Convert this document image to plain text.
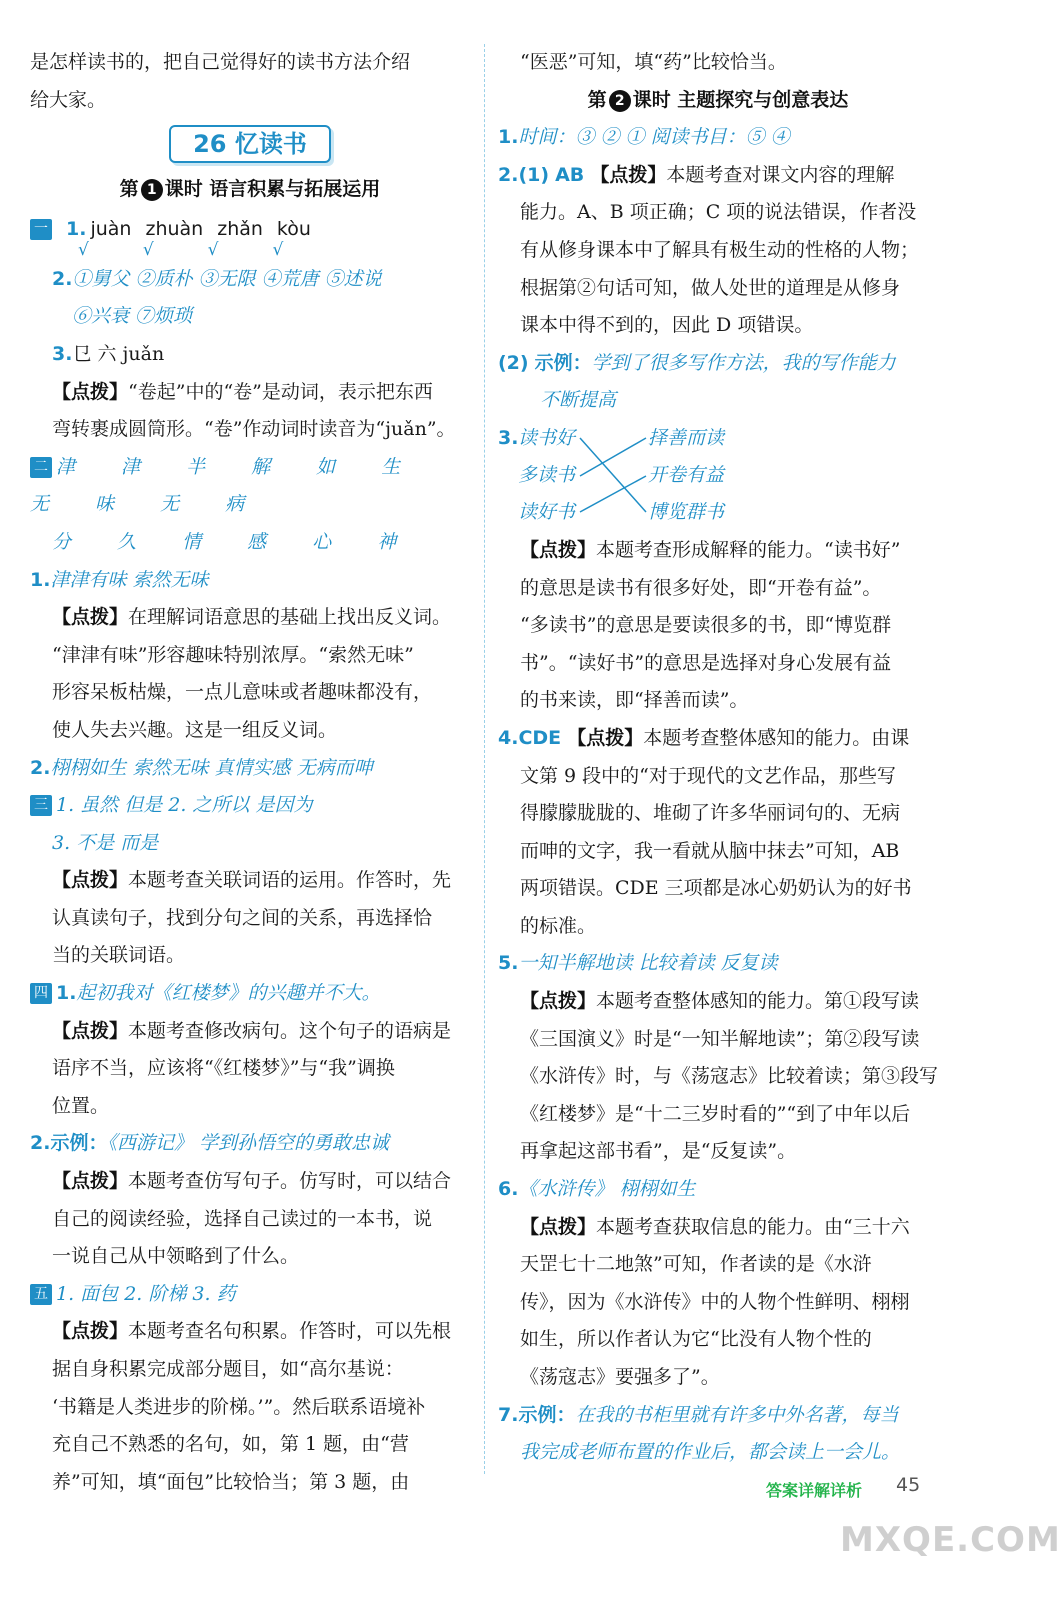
是怎样读书的，把自己觉得好的读书方法介绍
给大家。
26 忆读书
第 1 课时 语言积累与拓展运用
一 1. juàn zhuàn zhǎn kòu
√√√√
2.①舅父 ②质朴 ③无限 ④荒唐 ⑤述说
⑥兴衰 ⑦烦琐
3.㔾 六 juǎn
【点拨】“卷起”中的“卷”是动词，表示把东西
弯转裹成圆筒形。“卷”作动词时读音为“juǎn”。
二 津 津 半 解 如 生 无 味 无 病
分 久 情 感 心 神
1.津津有味 索然无味
【点拨】在理解词语意思的基础上找出反义词。
“津津有味”形容趣味特别浓厚。“索然无味”
形容呆板枯燥，一点儿意味或者趣味都没有，
使人失去兴趣。这是一组反义词。
2.栩栩如生 索然无味 真情实感 无病而呻
三 1. 虽然 但是 2. 之所以 是因为
3. 不是 而是
【点拨】本题考查关联词语的运用。作答时，先
认真读句子，找到分句之间的关系，再选择恰
当的关联词语。
四 1.起初我对《红楼梦》的兴趣并不大。
【点拨】本题考查修改病句。这个句子的语病是
语序不当，应该将“《红楼梦》”与“我”调换
位置。
2.示例：《西游记》 学到孙悟空的勇敢忠诚
【点拨】本题考查仿写句子。仿写时，可以结合
自己的阅读经验，选择自己读过的一本书，说
一说自己从中领略到了什么。
五 1. 面包 2. 阶梯 3. 药
【点拨】本题考查名句积累。作答时，可以先根
据自身积累完成部分题目，如“高尔基说：
‘书籍是人类进步的阶梯。’”。然后联系语境补
充自己不熟悉的名句，如，第 1 题，由“营
养”可知，填“面包”比较恰当；第 3 题，由
“医恶”可知，填“药”比较恰当。
第 2 课时 主题探究与创意表达
1.时间：③ ② ① 阅读书目：⑤ ④
2.(1) AB 【点拨】本题考查对课文内容的理解
能力。A、B 项正确；C 项的说法错误，作者没
有从修身课本中了解具有极生动的性格的人物；
根据第②句话可知，做人处世的道理是从修身
课本中得不到的，因此 D 项错误。
(2) 示例：学到了很多写作方法，我的写作能力
不断提高
3. 读书好
多读书
读好书
择善而读
开卷有益
博览群书
【点拨】本题考查形成解释的能力。“读书好”
的意思是读书有很多好处，即“开卷有益”。
“多读书”的意思是要读很多的书，即“博览群
书”。“读好书”的意思是选择对身心发展有益
的书来读，即“择善而读”。
4.CDE 【点拨】本题考查整体感知的能力。由课
文第 9 段中的“对于现代的文艺作品，那些写
得朦朦胧胧的、堆砌了许多华丽词句的、无病
而呻的文字，我一看就从脑中抹去”可知，AB
两项错误。CDE 三项都是冰心奶奶认为的好书
的标准。
5.一知半解地读 比较着读 反复读
【点拨】本题考查整体感知的能力。第①段写读
《三国演义》时是“一知半解地读”；第②段写读
《水浒传》时，与《荡寇志》比较着读；第③段写
《红楼梦》是“十二三岁时看的”“到了中年以后
再拿起这部书看”，是“反复读”。
6.《水浒传》 栩栩如生
【点拨】本题考查获取信息的能力。由“三十六
天罡七十二地煞”可知，作者读的是《水浒
传》，因为《水浒传》中的人物个性鲜明、栩栩
如生，所以作者认为它“比没有人物个性的
《荡寇志》要强多了”。
7.示例：在我的书柜里就有许多中外名著，每当
我完成老师布置的作业后，都会读上一会儿。
答案详解详析 45
MXQE.COM
